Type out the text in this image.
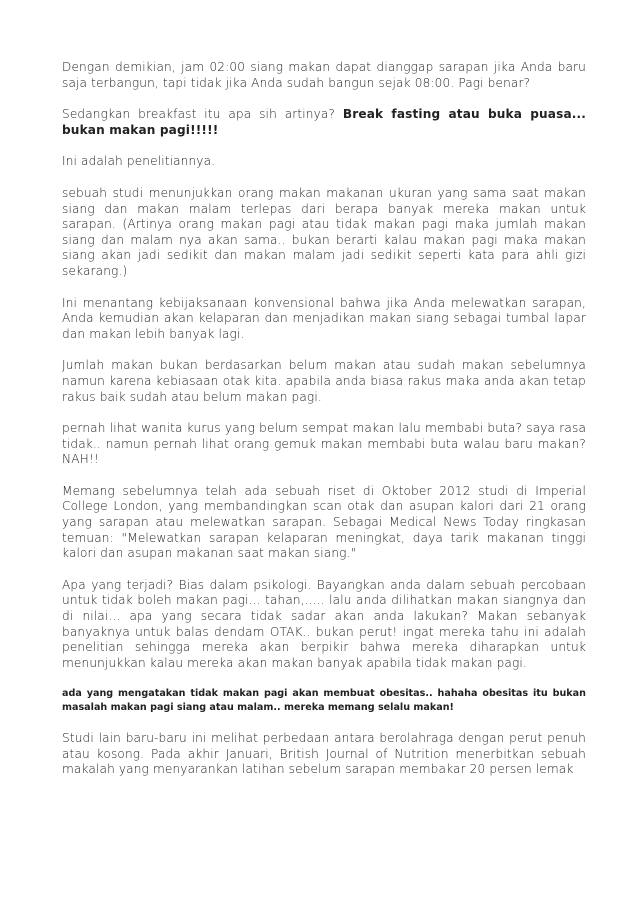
Dengan demikian, jam 02:00 siang makan dapat dianggap sarapan jika Anda baru saja terbangun, tapi tidak jika Anda sudah bangun sejak 08:00. Pagi benar?

Sedangkan breakfast itu apa sih artinya? Break fasting atau buka puasa... bukan makan pagi!!!!!

Ini adalah penelitiannya.

sebuah studi menunjukkan orang makan makanan ukuran yang sama saat makan siang dan makan malam terlepas dari berapa banyak mereka makan untuk sarapan. (Artinya orang makan pagi atau tidak makan pagi maka jumlah makan siang dan malam nya akan sama.. bukan berarti kalau makan pagi maka makan siang akan jadi sedikit dan makan malam jadi sedikit seperti kata para ahli gizi sekarang.)

Ini menantang kebijaksanaan konvensional bahwa jika Anda melewatkan sarapan, Anda kemudian akan kelaparan dan menjadikan makan siang sebagai tumbal lapar dan makan lebih banyak lagi.

Jumlah makan bukan berdasarkan belum makan atau sudah makan sebelumnya namun karena kebiasaan otak kita. apabila anda biasa rakus maka anda akan tetap rakus baik sudah atau belum makan pagi.

pernah lihat wanita kurus yang belum sempat makan lalu membabi buta? saya rasa tidak.. namun pernah lihat orang gemuk makan membabi buta walau baru makan? NAH!!

Memang sebelumnya telah ada sebuah riset di Oktober 2012 studi di Imperial College London, yang membandingkan scan otak dan asupan kalori dari 21 orang yang sarapan atau melewatkan sarapan. Sebagai Medical News Today ringkasan temuan: "Melewatkan sarapan kelaparan meningkat, daya tarik makanan tinggi kalori dan asupan makanan saat makan siang."

Apa yang terjadi? Bias dalam psikologi. Bayangkan anda dalam sebuah percobaan untuk tidak boleh makan pagi... tahan,..... lalu anda dilihatkan makan siangnya dan di nilai... apa yang secara tidak sadar akan anda lakukan? Makan sebanyak banyaknya untuk balas dendam OTAK.. bukan perut! ingat mereka tahu ini adalah penelitian sehingga mereka akan berpikir bahwa mereka diharapkan untuk menunjukkan kalau mereka akan makan banyak apabila tidak makan pagi.

ada yang mengatakan tidak makan pagi akan membuat obesitas.. hahaha obesitas itu bukan masalah makan pagi siang atau malam.. mereka memang selalu makan!

Studi lain baru-baru ini melihat perbedaan antara berolahraga dengan perut penuh atau kosong. Pada akhir Januari, British Journal of Nutrition menerbitkan sebuah makalah yang menyarankan latihan sebelum sarapan membakar 20 persen lemak
